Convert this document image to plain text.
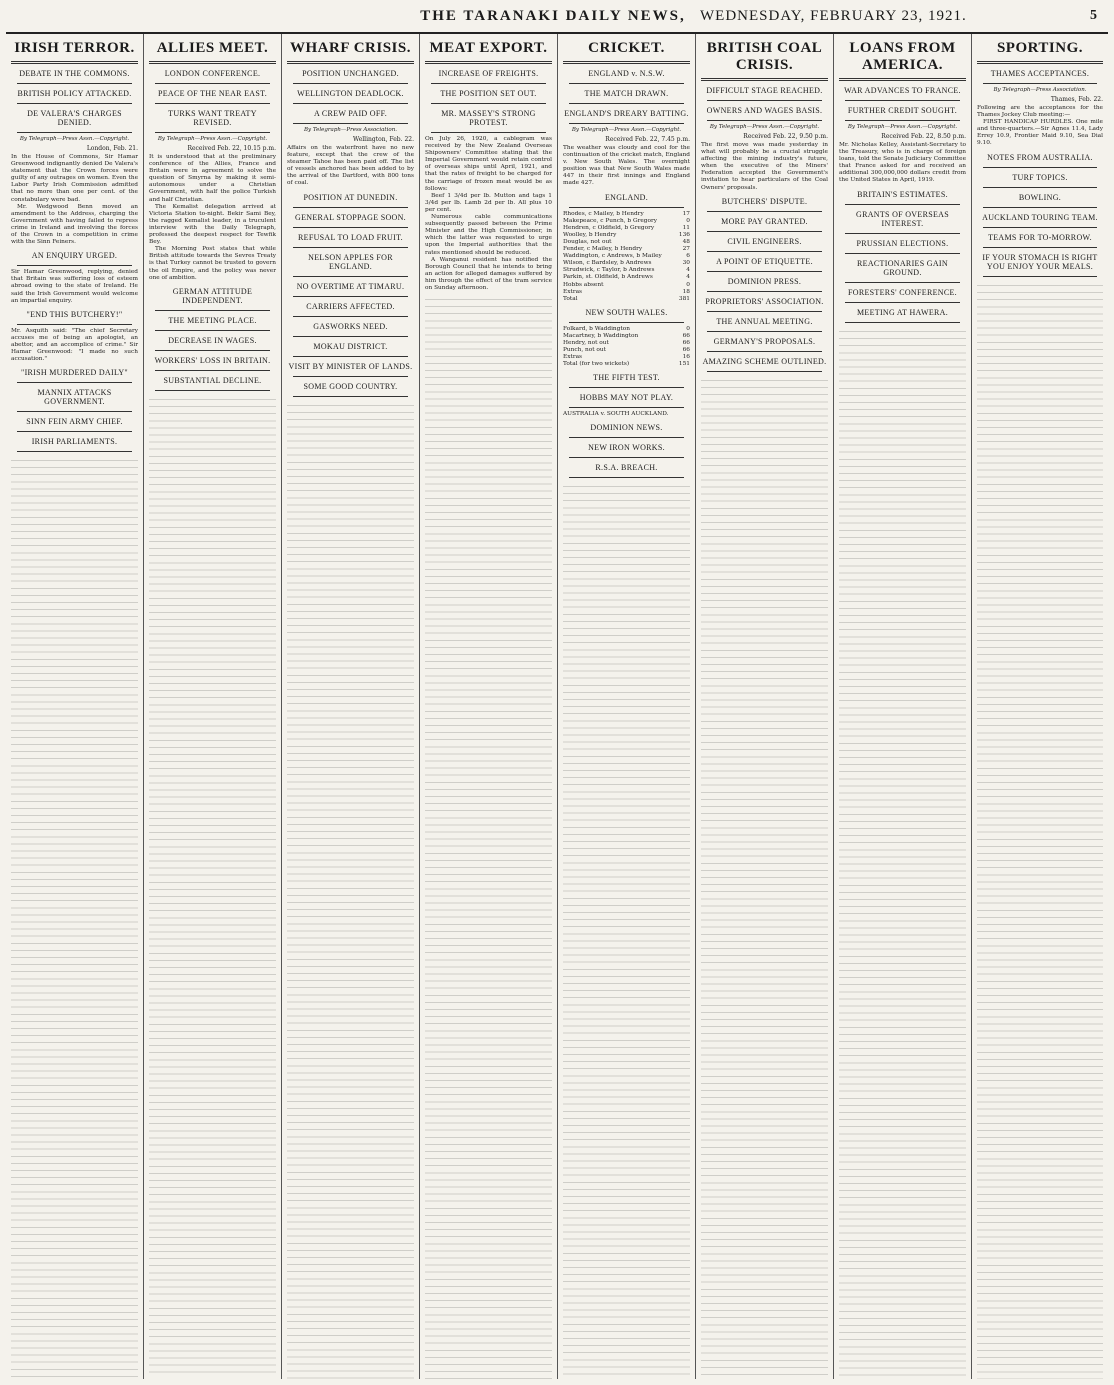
THE TARANAKI DAILY NEWS, WEDNESDAY, FEBRUARY 23, 1921.	5
IRISH TERROR.
DEBATE IN THE COMMONS.
BRITISH POLICY ATTACKED.
DE VALERA'S CHARGES DENIED.
By Telegraph—Press Assn.—Copyright.
London, Feb. 21.

In the House of Commons, Sir Hamar Greenwood indignantly denied De Valera's statement that the Crown forces were guilty of any outrages on women. Even the Labor Party Irish Commission admitted that no more than one per cent. of the constabulary were bad.

Mr. Wedgwood Benn moved an amendment to the Address, charging the Government with having failed to repress crime in Ireland and involving the forces of the Crown in a competition in crime with the Sinn Feiners.

AN ENQUIRY URGED.

Sir Hamar Greenwood, replying, denied that Britain was suffering loss of esteem abroad owing to the state of Ireland. He said the Irish Government would welcome an impartial enquiry.

"END THIS BUTCHERY!"

Mr. Asquith said: "The chief Secretary accuses me of being an apologist, an abettor, and an accomplice of crime." Sir Hamar Greenwood: "I made no such accusation."

"IRISH MURDERED DAILY"
MANNIX ATTACKS GOVERNMENT.
SINN FEIN ARMY CHIEF.
IRISH PARLIAMENTS.
ALLIES MEET.
LONDON CONFERENCE.
PEACE OF THE NEAR EAST.
TURKS WANT TREATY REVISED.
By Telegraph—Press Assn.—Copyright.
Received Feb. 22, 10.15 p.m.

It is understood that at the preliminary conference of the Allies, France and Britain were in agreement to solve the question of Smyrna by making it semi-autonomous under a Christian Government, with half the police Turkish and half Christian.

The Kemalist delegation arrived at Victoria Station to-night. Bekir Sami Bey, the ragged Kemalist leader, in a truculent interview with the Daily Telegraph, professed the deepest respect for Tewfik Bey.

The Morning Post states that while British attitude towards the Sevres Treaty is that Turkey cannot be trusted to govern the oil Empire, and the policy was never one of ambition.

GERMAN ATTITUDE INDEPENDENT.
THE MEETING PLACE.
DECREASE IN WAGES.
WORKERS' LOSS IN BRITAIN.
SUBSTANTIAL DECLINE.
WHARF CRISIS.
POSITION UNCHANGED.
WELLINGTON DEADLOCK.
A CREW PAID OFF.
By Telegraph—Press Association.
Wellington, Feb. 22.

Affairs on the waterfront have no new feature, except that the crew of the steamer Tahoe has been paid off. The list of vessels anchored has been added to by the arrival of the Dartford, with 800 tons of coal.

POSITION AT DUNEDIN.
GENERAL STOPPAGE SOON.
REFUSAL TO LOAD FRUIT.
NELSON APPLES FOR ENGLAND.
NO OVERTIME AT TIMARU.
CARRIERS AFFECTED.
GASWORKS NEED.
MOKAU DISTRICT.
VISIT BY MINISTER OF LANDS.
SOME GOOD COUNTRY.
MEAT EXPORT.
INCREASE OF FREIGHTS.
THE POSITION SET OUT.
MR. MASSEY'S STRONG PROTEST.

On July 26, 1920, a cablegram was received by the New Zealand Overseas Shipowners' Committee stating that the Imperial Government would retain control of overseas ships until April, 1921, and that the rates of freight to be charged for the carriage of frozen meat would be as follows:

Beef 1 3/4d per lb. Mutton and tags 1 3/4d per lb. Lamb 2d per lb. All plus 10 per cent.

Numerous cable communications subsequently passed between the Prime Minister and the High Commissioner, in which the latter was requested to urge upon the Imperial authorities that the rates mentioned should be reduced.

A Wanganui resident has notified the Borough Council that he intends to bring an action for alleged damages suffered by him through the effect of the tram service on Sunday afternoon.

CRICKET.
ENGLAND v. N.S.W.
THE MATCH DRAWN.
ENGLAND'S DREARY BATTING.
By Telegraph—Press Assn.—Copyright.
Received Feb. 22, 7.45 p.m.

The weather was cloudy and cool for the continuation of the cricket match, England v. New South Wales. The overnight position was that New South Wales made 447 in their first innings and England made 427.

ENGLAND.
Rhodes, c Mailey, b Hendry	17
Makepeace, c Punch, b Gregory	0
Hendren, c Oldfield, b Gregory	11
Woolley, b Hendry	136
Douglas, not out	48
Fender, c Mailey, b Hendry	27
Waddington, c Andrews, b Mailey	6
Wilson, c Bardsley, b Andrews	30
Strudwick, c Taylor, b Andrews	4
Parkin, st. Oldfield, b Andrews	4
Hobbs absent	0
Extras	18
Total	381
NEW SOUTH WALES.
Folkard, b Waddington	0
Macartney, b Waddington	66
Hendry, not out	66
Punch, not out	66
Extras	16
Total (for two wickets)	151
THE FIFTH TEST.
HOBBS MAY NOT PLAY.

AUSTRALIA v. SOUTH AUCKLAND.

DOMINION NEWS.
NEW IRON WORKS.
R.S.A. BREACH.
BRITISH COAL CRISIS.
DIFFICULT STAGE REACHED.
OWNERS AND WAGES BASIS.
By Telegraph—Press Assn.—Copyright.
Received Feb. 22, 9.50 p.m.

The first move was made yesterday in what will probably be a crucial struggle affecting the mining industry's future, when the executive of the Miners' Federation accepted the Government's invitation to hear particulars of the Coal Owners' proposals.

BUTCHERS' DISPUTE.
MORE PAY GRANTED.
CIVIL ENGINEERS.
A POINT OF ETIQUETTE.
DOMINION PRESS.
PROPRIETORS' ASSOCIATION.
THE ANNUAL MEETING.
GERMANY'S PROPOSALS.
AMAZING SCHEME OUTLINED.
LOANS FROM AMERICA.
WAR ADVANCES TO FRANCE.
FURTHER CREDIT SOUGHT.
By Telegraph—Press Assn.—Copyright.
Received Feb. 22, 8.50 p.m.

Mr. Nicholas Kelley, Assistant-Secretary to the Treasury, who is in charge of foreign loans, told the Senate Judiciary Committee that France asked for and received an additional 300,000,000 dollars credit from the United States in April, 1919.

BRITAIN'S ESTIMATES.
GRANTS OF OVERSEAS INTEREST.
PRUSSIAN ELECTIONS.
REACTIONARIES GAIN GROUND.
FORESTERS' CONFERENCE.
MEETING AT HAWERA.
SPORTING.
THAMES ACCEPTANCES.
By Telegraph—Press Association.
Thames, Feb. 22.

Following are the acceptances for the Thames Jockey Club meeting:—

FIRST HANDICAP HURDLES. One mile and three-quarters.—Sir Agnes 11.4, Lady Errey 10.9, Frontier Maid 9.10, Sea Dial 9.10.

NOTES FROM AUSTRALIA.
TURF TOPICS.
BOWLING.
AUCKLAND TOURING TEAM.
TEAMS FOR TO-MORROW.
IF YOUR STOMACH IS RIGHT YOU ENJOY YOUR MEALS.
